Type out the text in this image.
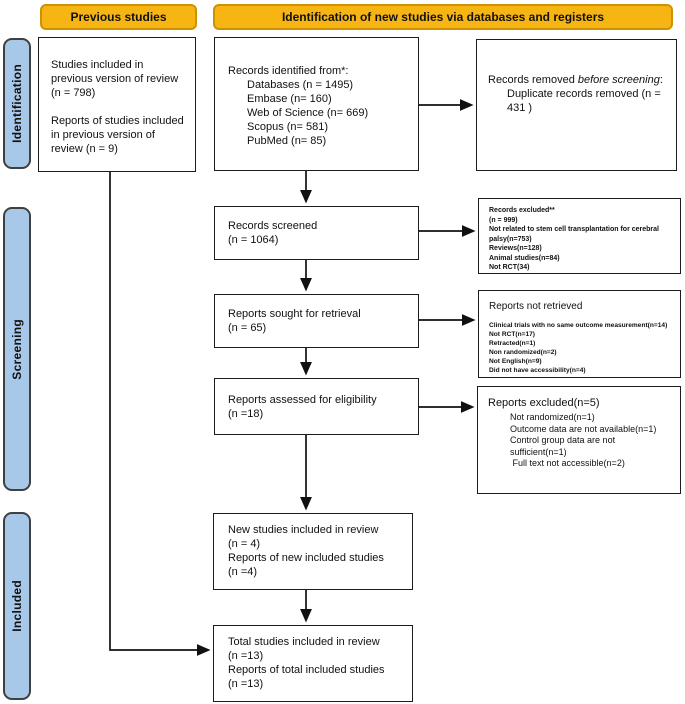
Previous studies	Identification of new studies via databases and registers
Identification
Screening
Included

Studies included in previous version of review (n = 798)

Reports of studies included in previous version of review (n = 9)

Records identified from*:
Databases (n = 1495)
Embase (n= 160)
Web of Science (n= 669)
Scopus (n= 581)
PubMed (n= 85)
Records removed before screening:
Duplicate records removed (n = 431 )
Records screened
(n = 1064)
Records excluded**
(n = 999)
Not related to stem cell transplantation for cerebral palsy(n=753)
Reviews(n=128)
Animal studies(n=84)
Not RCT(34)
Reports sought for retrieval
(n = 65)
Reports not retrieved
Clinical trials with no same outcome measurement(n=14)
Not RCT(n=17)
Retracted(n=1)
Non randomized(n=2)
Not English(n=9)
Did not have accessibility(n=4)
Reports assessed for eligibility
(n =18)
Reports excluded(n=5)
Not randomized(n=1)
Outcome data are not available(n=1)
Control group data are not sufficient(n=1)
Full text not accessible(n=2)
New studies included in review
(n = 4)
Reports of new included studies
(n =4)
Total studies included in review
(n =13)
Reports of total included studies
(n =13)
